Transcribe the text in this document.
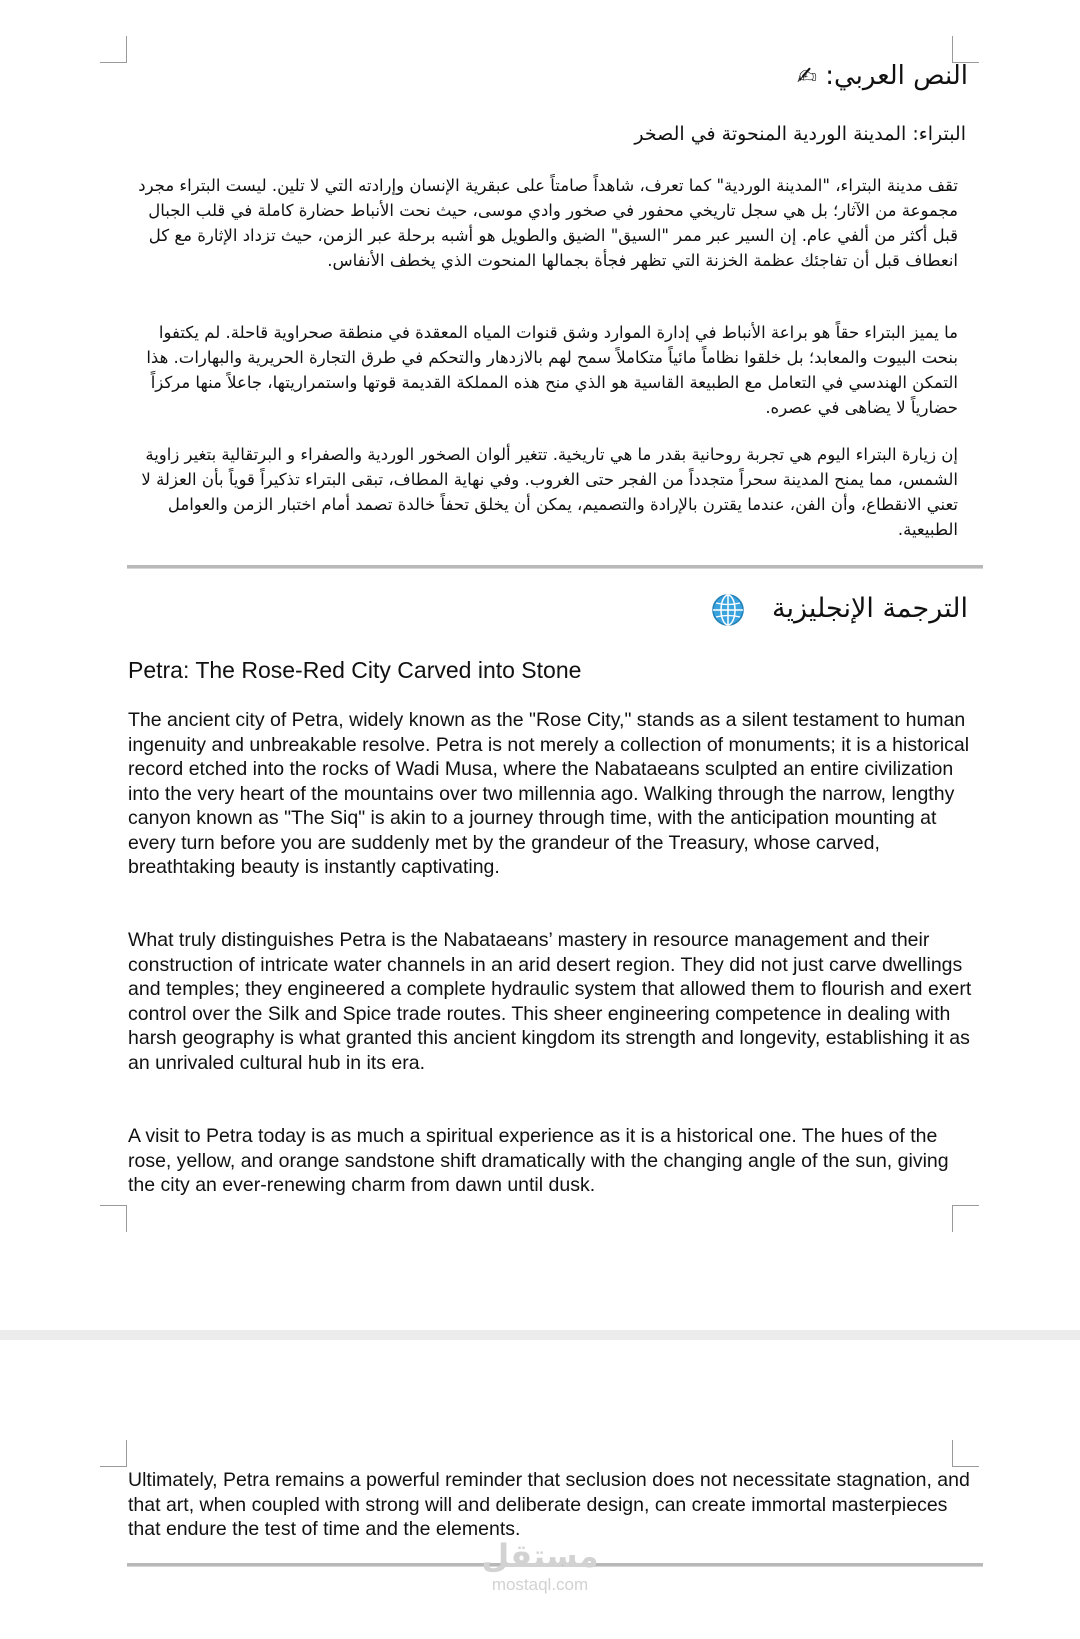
النص العربي: ✍
البتراء: المدينة الوردية المنحوتة في الصخر

تقف مدينة البتراء، "المدينة الوردية" كما تعرف، شاهداً صامتاً على عبقرية الإنسان وإرادته التي لا تلين. ليست البتراء مجرد مجموعة من الآثار؛ بل هي سجل تاريخي محفور في صخور وادي موسى، حيث نحت الأنباط حضارة كاملة في قلب الجبال قبل أكثر من ألفي عام. إن السير عبر ممر "السيق" الضيق والطويل هو أشبه برحلة عبر الزمن، حيث تزداد الإثارة مع كل انعطاف قبل أن تفاجئك عظمة الخزنة التي تظهر فجأة بجمالها المنحوت الذي يخطف الأنفاس.

ما يميز البتراء حقاً هو براعة الأنباط في إدارة الموارد وشق قنوات المياه المعقدة في منطقة صحراوية قاحلة. لم يكتفوا بنحت البيوت والمعابد؛ بل خلقوا نظاماً مائياً متكاملاً سمح لهم بالازدهار والتحكم في طرق التجارة الحريرية والبهارات. هذا التمكن الهندسي في التعامل مع الطبيعة القاسية هو الذي منح هذه المملكة القديمة قوتها واستمراريتها، جاعلاً منها مركزاً حضارياً لا يضاهى في عصره.

إن زيارة البتراء اليوم هي تجربة روحانية بقدر ما هي تاريخية. تتغير ألوان الصخور الوردية والصفراء و البرتقالية بتغير زاوية الشمس، مما يمنح المدينة سحراً متجدداً من الفجر حتى الغروب. وفي نهاية المطاف، تبقى البتراء تذكيراً قوياً بأن العزلة لا تعني الانقطاع، وأن الفن، عندما يقترن بالإرادة والتصميم، يمكن أن يخلق تحفاً خالدة تصمد أمام اختبار الزمن والعوامل الطبيعية.

الترجمة الإنجليزية
Petra: The Rose-Red City Carved into Stone

The ancient city of Petra, widely known as the "Rose City," stands as a silent testament to human ingenuity and unbreakable resolve. Petra is not merely a collection of monuments; it is a historical record etched into the rocks of Wadi Musa, where the Nabataeans sculpted an entire civilization into the very heart of the mountains over two millennia ago. Walking through the narrow, lengthy canyon known as "The Siq" is akin to a journey through time, with the anticipation mounting at every turn before you are suddenly met by the grandeur of the Treasury, whose carved, breathtaking beauty is instantly captivating.

What truly distinguishes Petra is the Nabataeans’ mastery in resource management and their construction of intricate water channels in an arid desert region. They did not just carve dwellings and temples; they engineered a complete hydraulic system that allowed them to flourish and exert control over the Silk and Spice trade routes. This sheer engineering competence in dealing with harsh geography is what granted this ancient kingdom its strength and longevity, establishing it as an unrivaled cultural hub in its era.

A visit to Petra today is as much a spiritual experience as it is a historical one. The hues of the rose, yellow, and orange sandstone shift dramatically with the changing angle of the sun, giving the city an ever-renewing charm from dawn until dusk.

Ultimately, Petra remains a powerful reminder that seclusion does not necessitate stagnation, and that art, when coupled with strong will and deliberate design, can create immortal masterpieces that endure the test of time and the elements.

مستقل
mostaql.com
